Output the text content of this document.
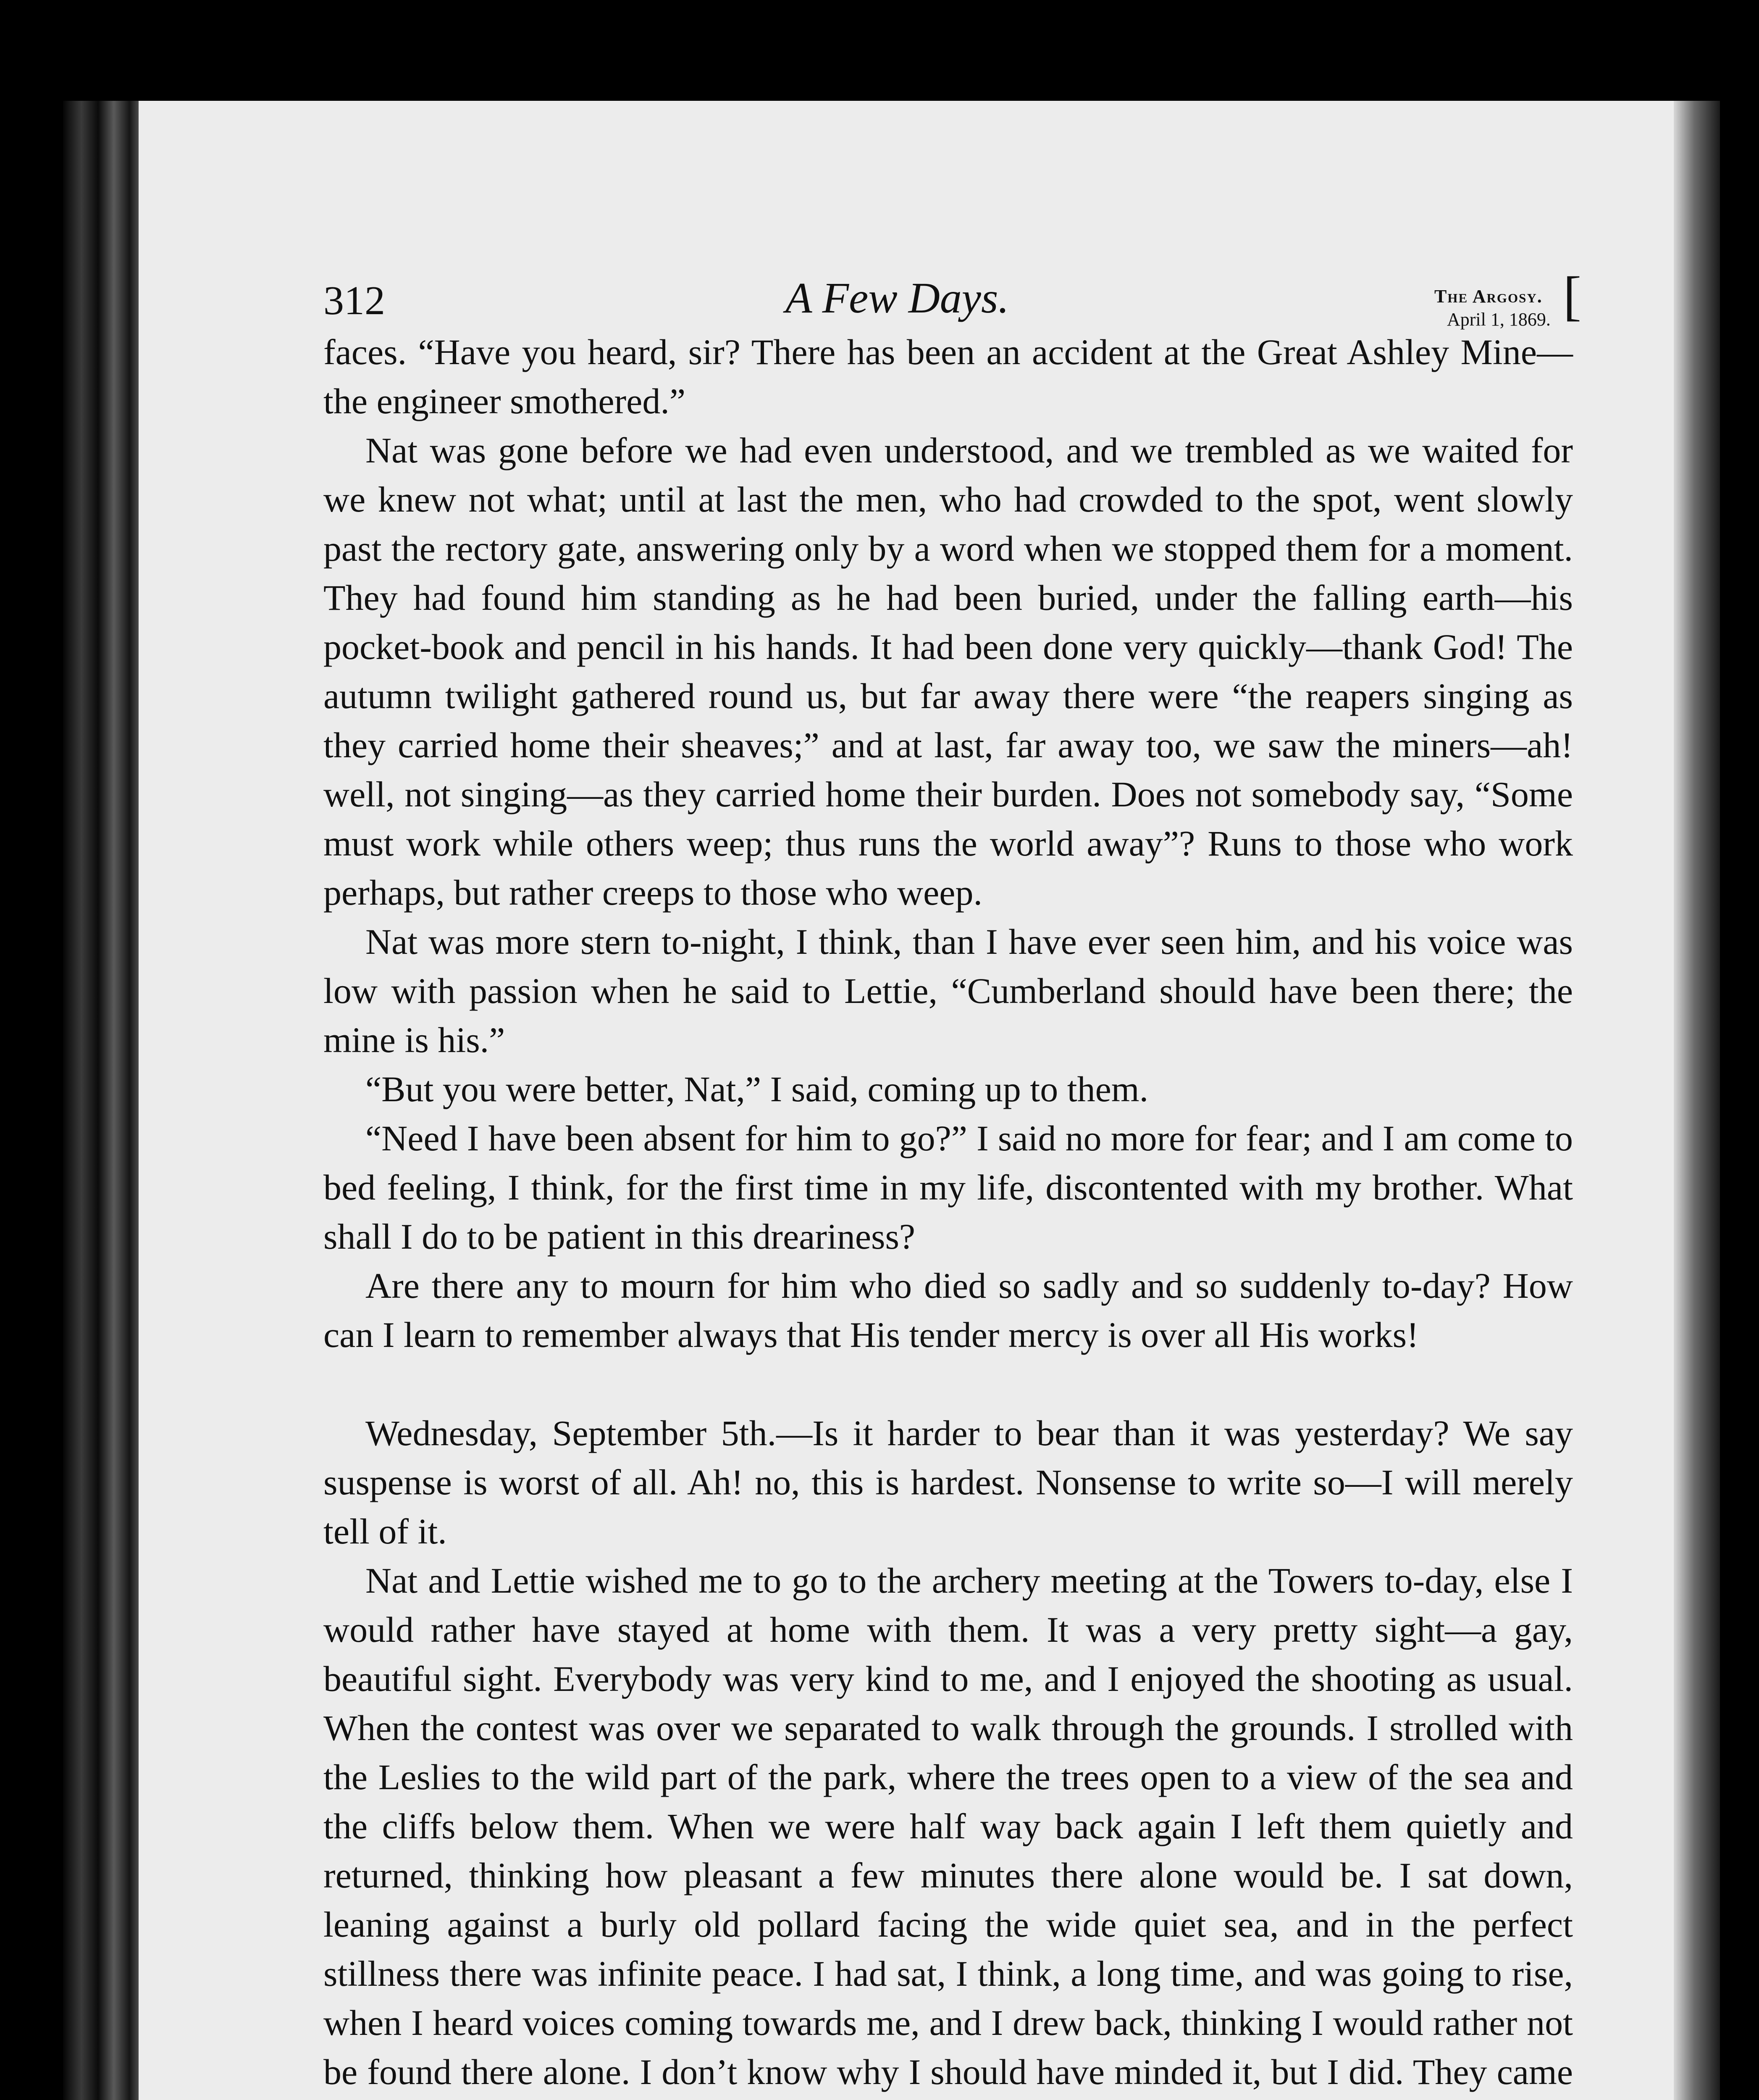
312	A Few Days.	[
The Argosy.
April 1, 1869.

faces. “Have you heard, sir? There has been an accident at the Great Ashley Mine—the engineer smothered.”

Nat was gone before we had even understood, and we trembled as we waited for we knew not what; until at last the men, who had crowded to the spot, went slowly past the rectory gate, answering only by a word when we stopped them for a moment. They had found him standing as he had been buried, under the falling earth—his pocket-book and pencil in his hands. It had been done very quickly—thank God! The autumn twilight gathered round us, but far away there were “the reapers singing as they carried home their sheaves;” and at last, far away too, we saw the miners—ah! well, not singing—as they carried home their burden. Does not somebody say, “Some must work while others weep; thus runs the world away”? Runs to those who work perhaps, but rather creeps to those who weep.

Nat was more stern to-night, I think, than I have ever seen him, and his voice was low with passion when he said to Lettie, “Cumberland should have been there; the mine is his.”

“But you were better, Nat,” I said, coming up to them.

“Need I have been absent for him to go?” I said no more for fear; and I am come to bed feeling, I think, for the first time in my life, discontented with my brother. What shall I do to be patient in this dreariness?

Are there any to mourn for him who died so sadly and so suddenly to-day? How can I learn to remember always that His tender mercy is over all His works!

Wednesday, September 5th.—Is it harder to bear than it was yesterday? We say suspense is worst of all. Ah! no, this is hardest. Nonsense to write so—I will merely tell of it.

Nat and Lettie wished me to go to the archery meeting at the Towers to-day, else I would rather have stayed at home with them. It was a very pretty sight—a gay, beautiful sight. Everybody was very kind to me, and I enjoyed the shooting as usual. When the contest was over we separated to walk through the grounds. I strolled with the Leslies to the wild part of the park, where the trees open to a view of the sea and the cliffs below them. When we were half way back again I left them quietly and returned, thinking how pleasant a few minutes there alone would be. I sat down, leaning against a burly old pollard facing the wide quiet sea, and in the perfect stillness there was infinite peace. I had sat, I think, a long time, and was going to rise, when I heard voices coming towards me, and I drew back, thinking I would rather not be found there alone. I don’t know why I should have minded it, but I did. They came
